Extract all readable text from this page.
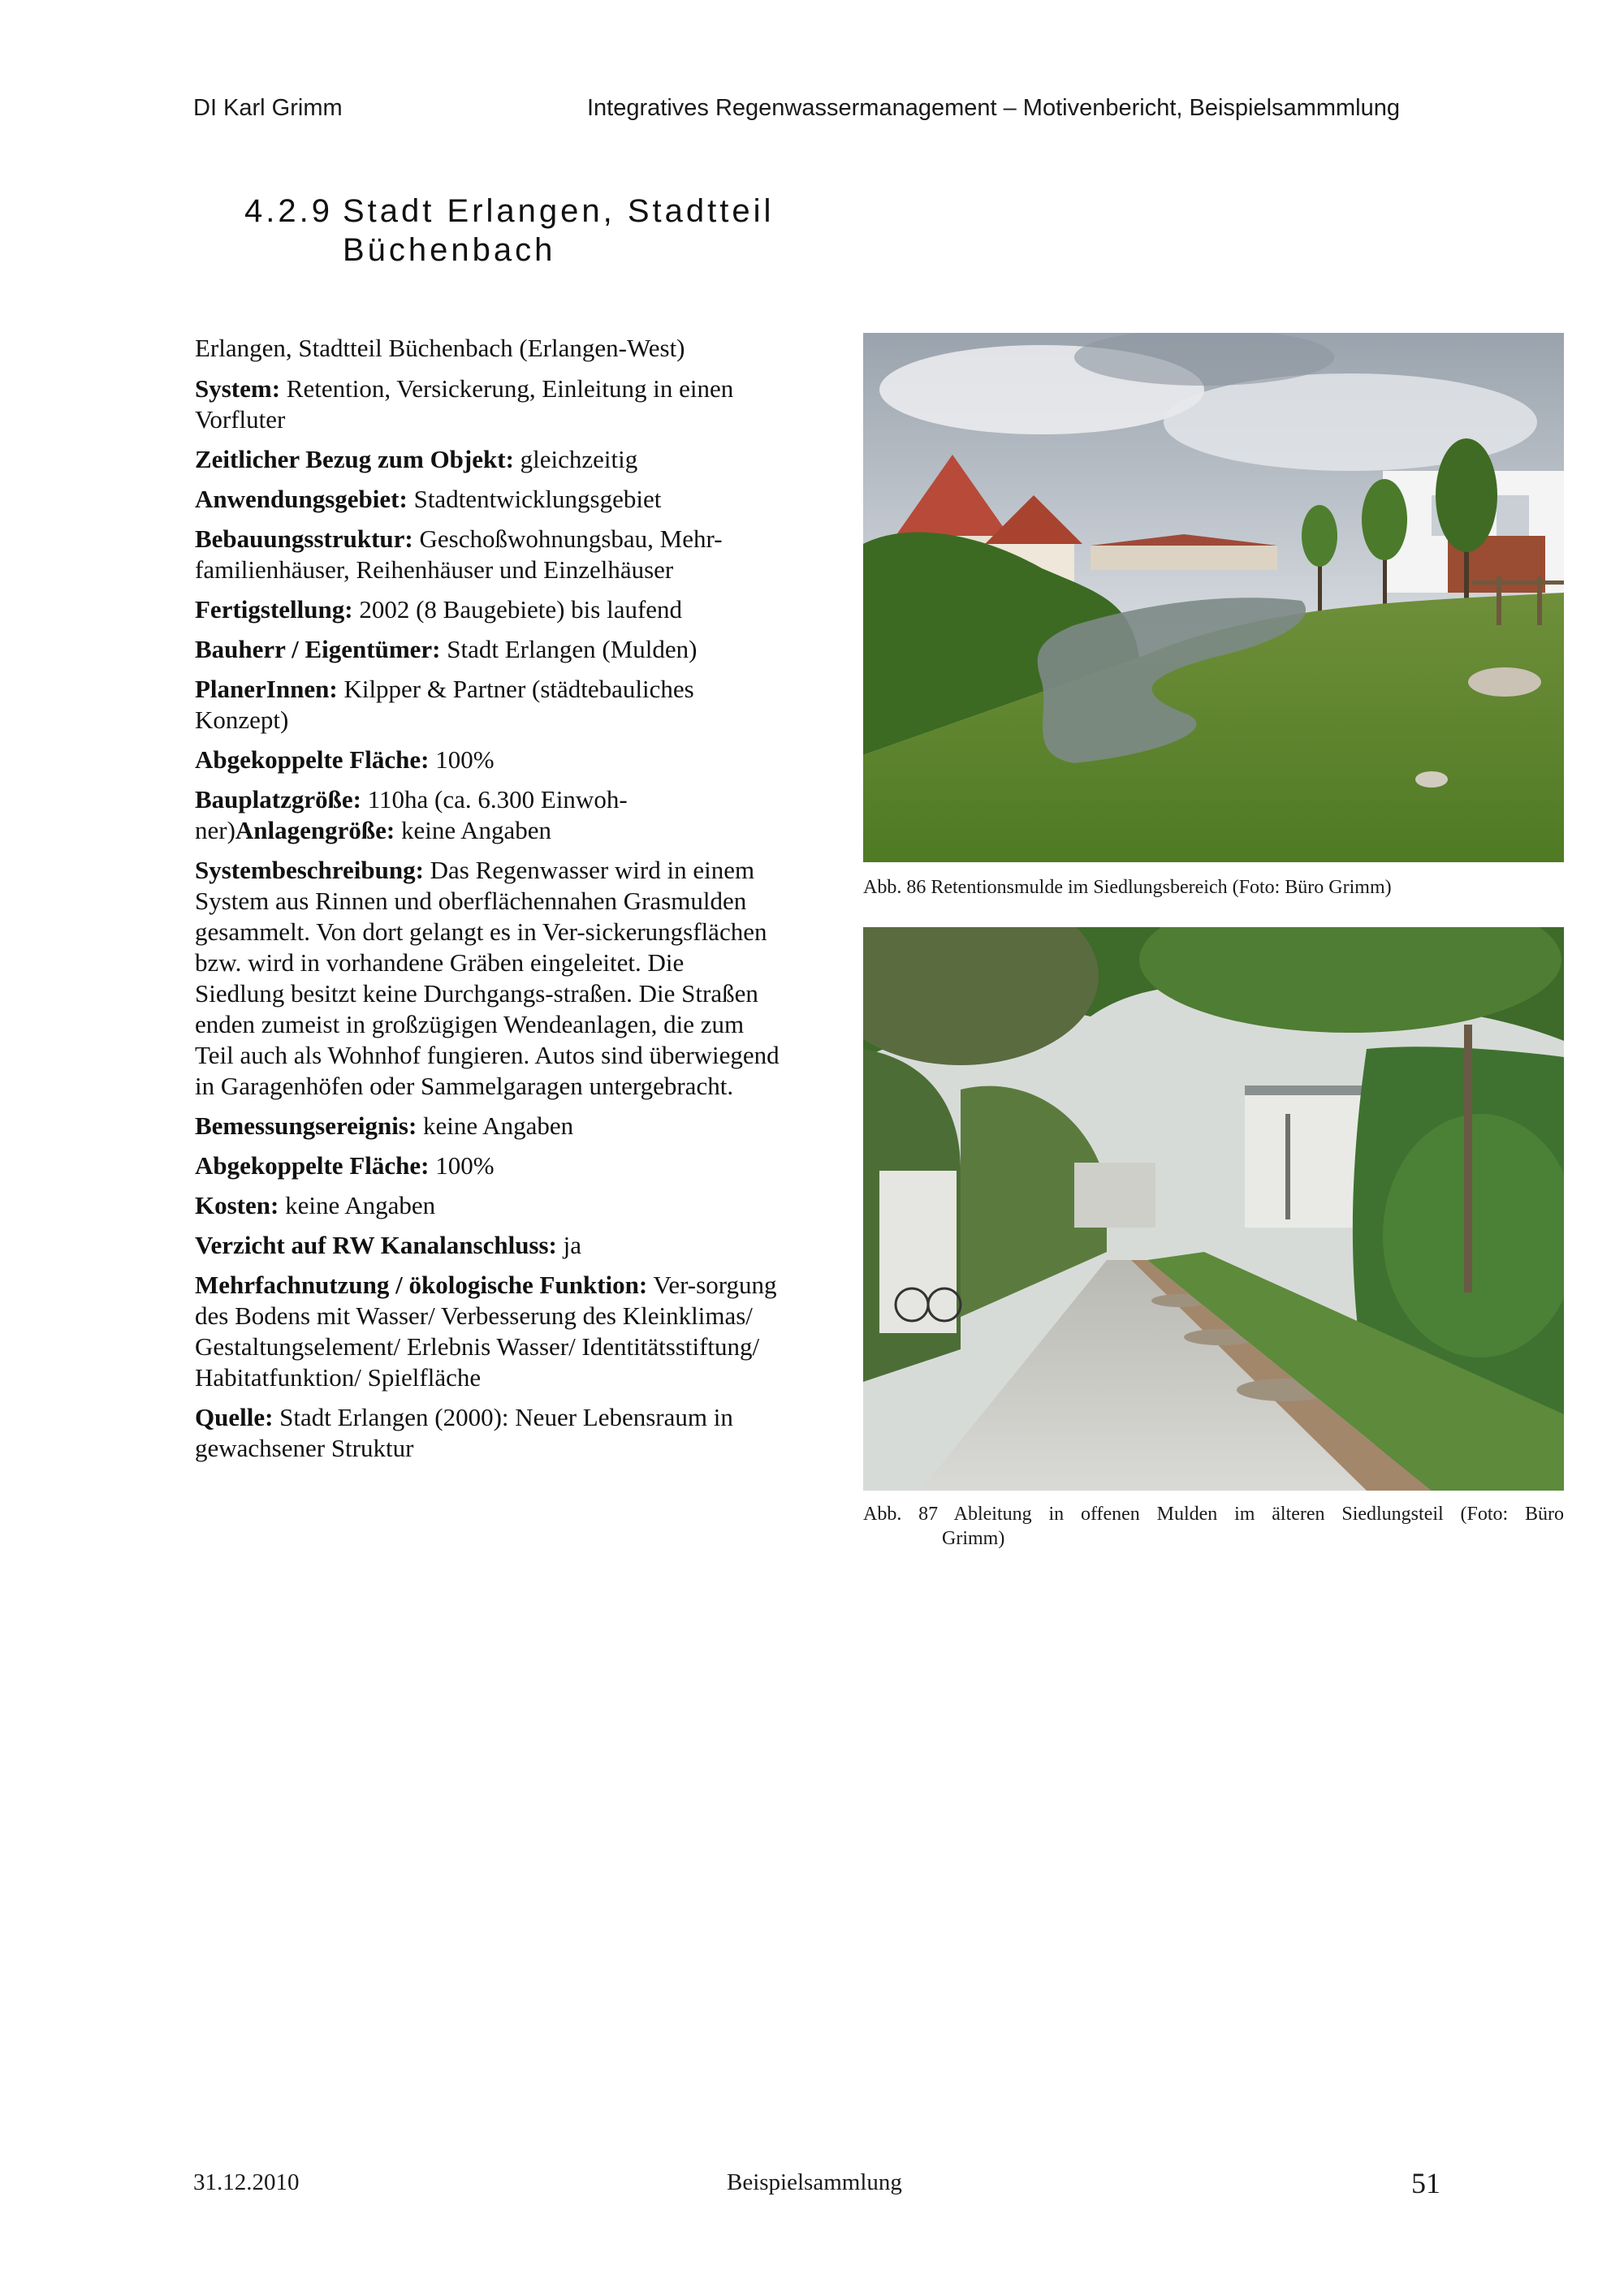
DI Karl Grimm	Integratives Regenwassermanagement – Motivenbericht, Beispielsammmlung
4.2.9 Stadt Erlangen, Stadtteil Büchenbach

Erlangen, Stadtteil Büchenbach (Erlangen-West)

System: Retention, Versickerung, Einleitung in einen Vorfluter

Zeitlicher Bezug zum Objekt: gleichzeitig

Anwendungsgebiet: Stadtentwicklungsgebiet

Bebauungsstruktur: Geschoßwohnungsbau, Mehr-familienhäuser, Reihenhäuser und Einzelhäuser

Fertigstellung: 2002 (8 Baugebiete) bis laufend

Bauherr / Eigentümer: Stadt Erlangen (Mulden)

PlanerInnen: Kilpper & Partner (städtebauliches Konzept)

Abgekoppelte Fläche: 100%

Bauplatzgröße: 110ha (ca. 6.300 Einwoh-ner)Anlagengröße: keine Angaben

Systembeschreibung: Das Regenwasser wird in einem System aus Rinnen und oberflächennahen Grasmulden gesammelt. Von dort gelangt es in Ver-sickerungsflächen bzw. wird in vorhandene Gräben eingeleitet. Die Siedlung besitzt keine Durchgangs-straßen. Die Straßen enden zumeist in großzügigen Wendeanlagen, die zum Teil auch als Wohnhof fungieren. Autos sind überwiegend in Garagenhöfen oder Sammelgaragen untergebracht.

Bemessungsereignis: keine Angaben

Abgekoppelte Fläche: 100%

Kosten: keine Angaben

Verzicht auf RW Kanalanschluss: ja

Mehrfachnutzung / ökologische Funktion: Ver-sorgung des Bodens mit Wasser/ Verbesserung des Kleinklimas/ Gestaltungselement/ Erlebnis Wasser/ Identitätsstiftung/ Habitatfunktion/ Spielfläche

Quelle: Stadt Erlangen (2000): Neuer Lebensraum in gewachsener Struktur

Abb. 86 Retentionsmulde im Siedlungsbereich (Foto: Büro Grimm)
Abb. 87 Ableitung in offenen Mulden im älteren Siedlungsteil (Foto: Büro
Grimm)
31.12.2010	Beispielsammlung	51
